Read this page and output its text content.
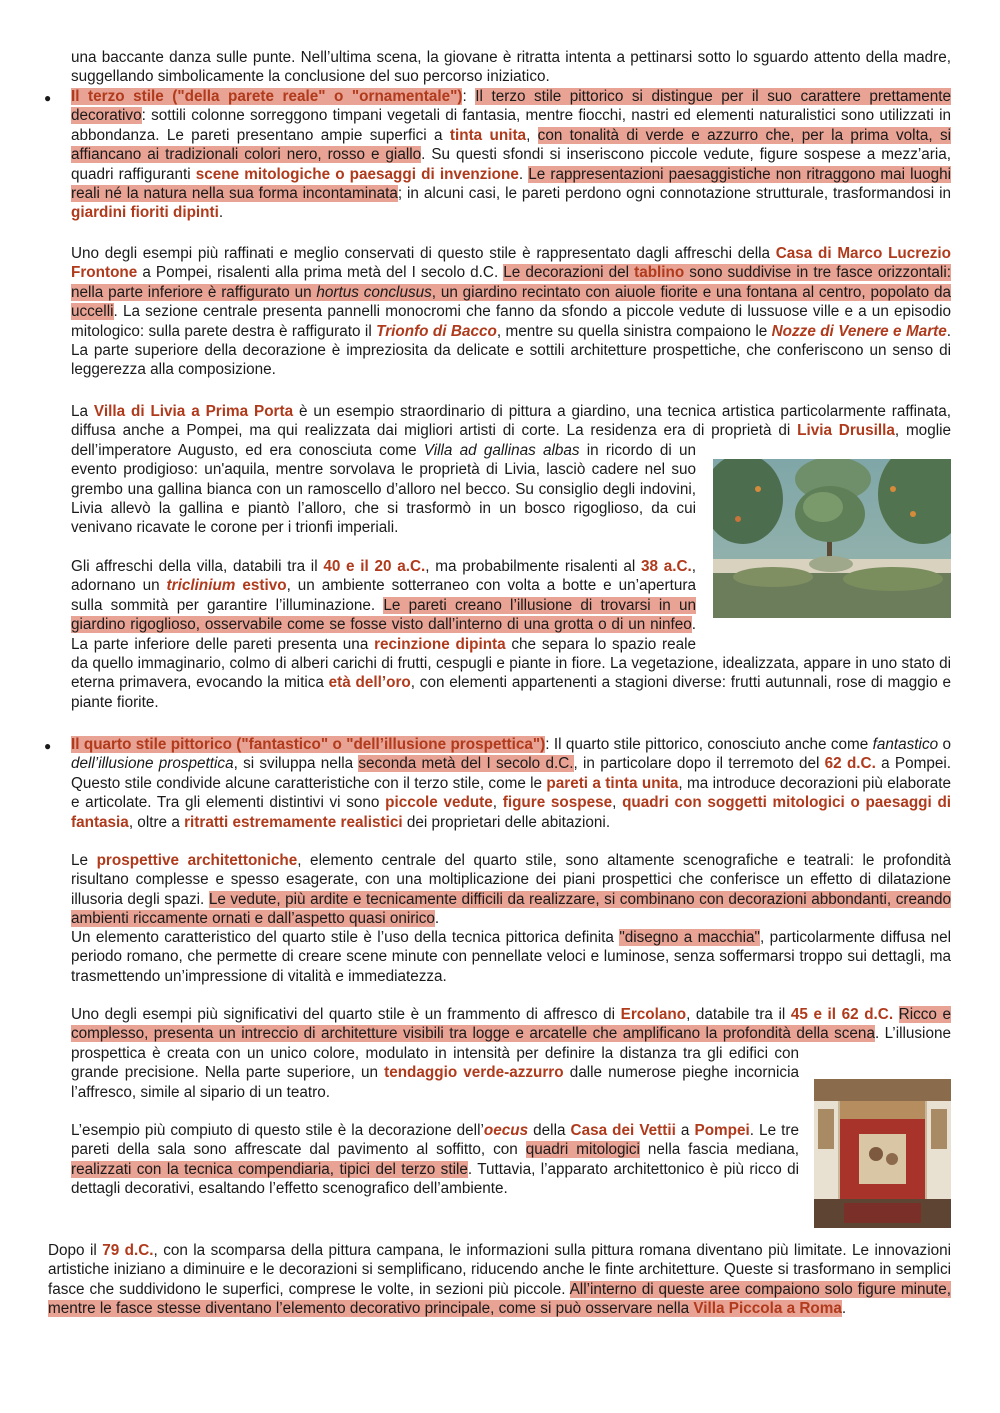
una baccante danza sulle punte. Nell’ultima scena, la giovane è ritratta intenta a pettinarsi sotto lo sguardo attento della madre, suggellando simbolicamente la conclusione del suo percorso iniziatico.

● Il terzo stile ("della parete reale" o "ornamentale"): Il terzo stile pittorico si distingue per il suo carattere prettamente decorativo: sottili colonne sorreggono timpani vegetali di fantasia, mentre fiocchi, nastri ed elementi naturalistici sono utilizzati in abbondanza. Le pareti presentano ampie superfici a tinta unita, con tonalità di verde e azzurro che, per la prima volta, si affiancano ai tradizionali colori nero, rosso e giallo. Su questi sfondi si inseriscono piccole vedute, figure sospese a mezz’aria, quadri raffiguranti scene mitologiche o paesaggi di invenzione. Le rappresentazioni paesaggistiche non ritraggono mai luoghi reali né la natura nella sua forma incontaminata; in alcuni casi, le pareti perdono ogni connotazione strutturale, trasformandosi in giardini fioriti dipinti.

Uno degli esempi più raffinati e meglio conservati di questo stile è rappresentato dagli affreschi della Casa di Marco Lucrezio Frontone a Pompei, risalenti alla prima metà del I secolo d.C. Le decorazioni del tablino sono suddivise in tre fasce orizzontali: nella parte inferiore è raffigurato un hortus conclusus, un giardino recintato con aiuole fiorite e una fontana al centro, popolato da uccelli. La sezione centrale presenta pannelli monocromi che fanno da sfondo a piccole vedute di lussuose ville e a un episodio mitologico: sulla parete destra è raffigurato il Trionfo di Bacco, mentre su quella sinistra compaiono le Nozze di Venere e Marte. La parte superiore della decorazione è impreziosita da delicate e sottili architetture prospettiche, che conferiscono un senso di leggerezza alla composizione.

La Villa di Livia a Prima Porta è un esempio straordinario di pittura a giardino, una tecnica artistica particolarmente raffinata, diffusa anche a Pompei, ma qui realizzata dai migliori artisti di corte. La residenza era di proprietà di Livia Drusilla, moglie dell’imperatore Augusto, ed era conosciuta come Villa ad gallinas albas in ricordo di un evento prodigioso: un'aquila, mentre sorvolava le proprietà di Livia, lasciò cadere nel suo grembo una gallina bianca con un ramoscello d’alloro nel becco. Su consiglio degli indovini, Livia allevò la gallina e piantò l’alloro, che si trasformò in un bosco rigoglioso, da cui venivano ricavate le corone per i trionfi imperiali.

Gli affreschi della villa, databili tra il 40 e il 20 a.C., ma probabilmente risalenti al 38 a.C., adornano un triclinium estivo, un ambiente sotterraneo con volta a botte e un’apertura sulla sommità per garantire l’illuminazione. Le pareti creano l’illusione di trovarsi in un giardino rigoglioso, osservabile come se fosse visto dall’interno di una grotta o di un ninfeo. La parte inferiore delle pareti presenta una recinzione dipinta che separa lo spazio reale da quello immaginario, colmo di alberi carichi di frutti, cespugli e piante in fiore. La vegetazione, idealizzata, appare in uno stato di eterna primavera, evocando la mitica età dell’oro, con elementi appartenenti a stagioni diverse: frutti autunnali, rose di maggio e piante fiorite.

● Il quarto stile pittorico ("fantastico" o "dell’illusione prospettica"): Il quarto stile pittorico, conosciuto anche come fantastico o dell’illusione prospettica, si sviluppa nella seconda metà del I secolo d.C., in particolare dopo il terremoto del 62 d.C. a Pompei. Questo stile condivide alcune caratteristiche con il terzo stile, come le pareti a tinta unita, ma introduce decorazioni più elaborate e articolate. Tra gli elementi distintivi vi sono piccole vedute, figure sospese, quadri con soggetti mitologici o paesaggi di fantasia, oltre a ritratti estremamente realistici dei proprietari delle abitazioni.

Le prospettive architettoniche, elemento centrale del quarto stile, sono altamente scenografiche e teatrali: le profondità risultano complesse e spesso esagerate, con una moltiplicazione dei piani prospettici che conferisce un effetto di dilatazione illusoria degli spazi. Le vedute, più ardite e tecnicamente difficili da realizzare, si combinano con decorazioni abbondanti, creando ambienti riccamente ornati e dall’aspetto quasi onirico.

Un elemento caratteristico del quarto stile è l’uso della tecnica pittorica definita "disegno a macchia", particolarmente diffusa nel periodo romano, che permette di creare scene minute con pennellate veloci e luminose, senza soffermarsi troppo sui dettagli, ma trasmettendo un’impressione di vitalità e immediatezza.

Uno degli esempi più significativi del quarto stile è un frammento di affresco di Ercolano, databile tra il 45 e il 62 d.C. Ricco e complesso, presenta un intreccio di architetture visibili tra logge e arcatelle che amplificano la profondità della scena. L’illusione prospettica è creata con un unico colore, modulato in intensità per definire la distanza tra gli edifici con grande precisione. Nella parte superiore, un tendaggio verde-azzurro dalle numerose pieghe incornicia l’affresco, simile al sipario di un teatro.

L’esempio più compiuto di questo stile è la decorazione dell’oecus della Casa dei Vettii a Pompei. Le tre pareti della sala sono affrescate dal pavimento al soffitto, con quadri mitologici nella fascia mediana, realizzati con la tecnica compendiaria, tipici del terzo stile. Tuttavia, l’apparato architettonico è più ricco di dettagli decorativi, esaltando l’effetto scenografico dell’ambiente.

Dopo il 79 d.C., con la scomparsa della pittura campana, le informazioni sulla pittura romana diventano più limitate. Le innovazioni artistiche iniziano a diminuire e le decorazioni si semplificano, riducendo anche le finte architetture. Queste si trasformano in semplici fasce che suddividono le superfici, comprese le volte, in sezioni più piccole. All’interno di queste aree compaiono solo figure minute, mentre le fasce stesse diventano l’elemento decorativo principale, come si può osservare nella Villa Piccola a Roma.
